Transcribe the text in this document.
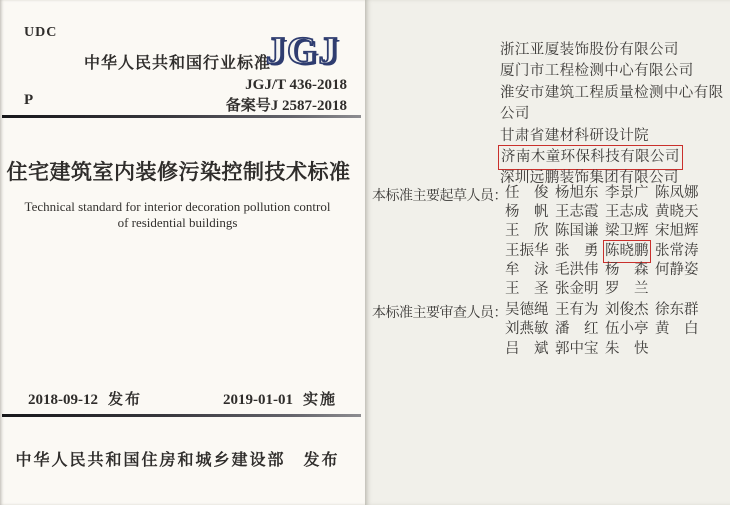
UDC
中华人民共和国行业标准
JGJ
JGJ/T 436-2018
备案号J 2587-2018
P
住宅建筑室内装修污染控制技术标准
Technical standard for interior decoration pollution control
of residential buildings
2018-09-12 发布	2019-01-01 实施
中华人民共和国住房和城乡建设部 发布
浙江亚厦装饰股份有限公司
厦门市工程检测中心有限公司
淮安市建筑工程质量检测中心有限
公司
甘肃省建材科研设计院
济南木童环保科技有限公司
深圳远鹏装饰集团有限公司
本标准主要起草人员：
任　俊 杨旭东 李景广 陈凤娜
杨　帆 王志霞 王志成 黄晓天
王　欣 陈国谦 梁卫辉 宋旭辉
王振华 张　勇 陈晓鹏 张常涛
牟　泳 毛洪伟 杨　森 何静姿
王　圣 张金明 罗　兰
本标准主要审查人员：
吴德绳 王有为 刘俊杰 徐东群
刘燕敏 潘　红 伍小亭 黄　白
吕　斌 郭中宝 朱　快
